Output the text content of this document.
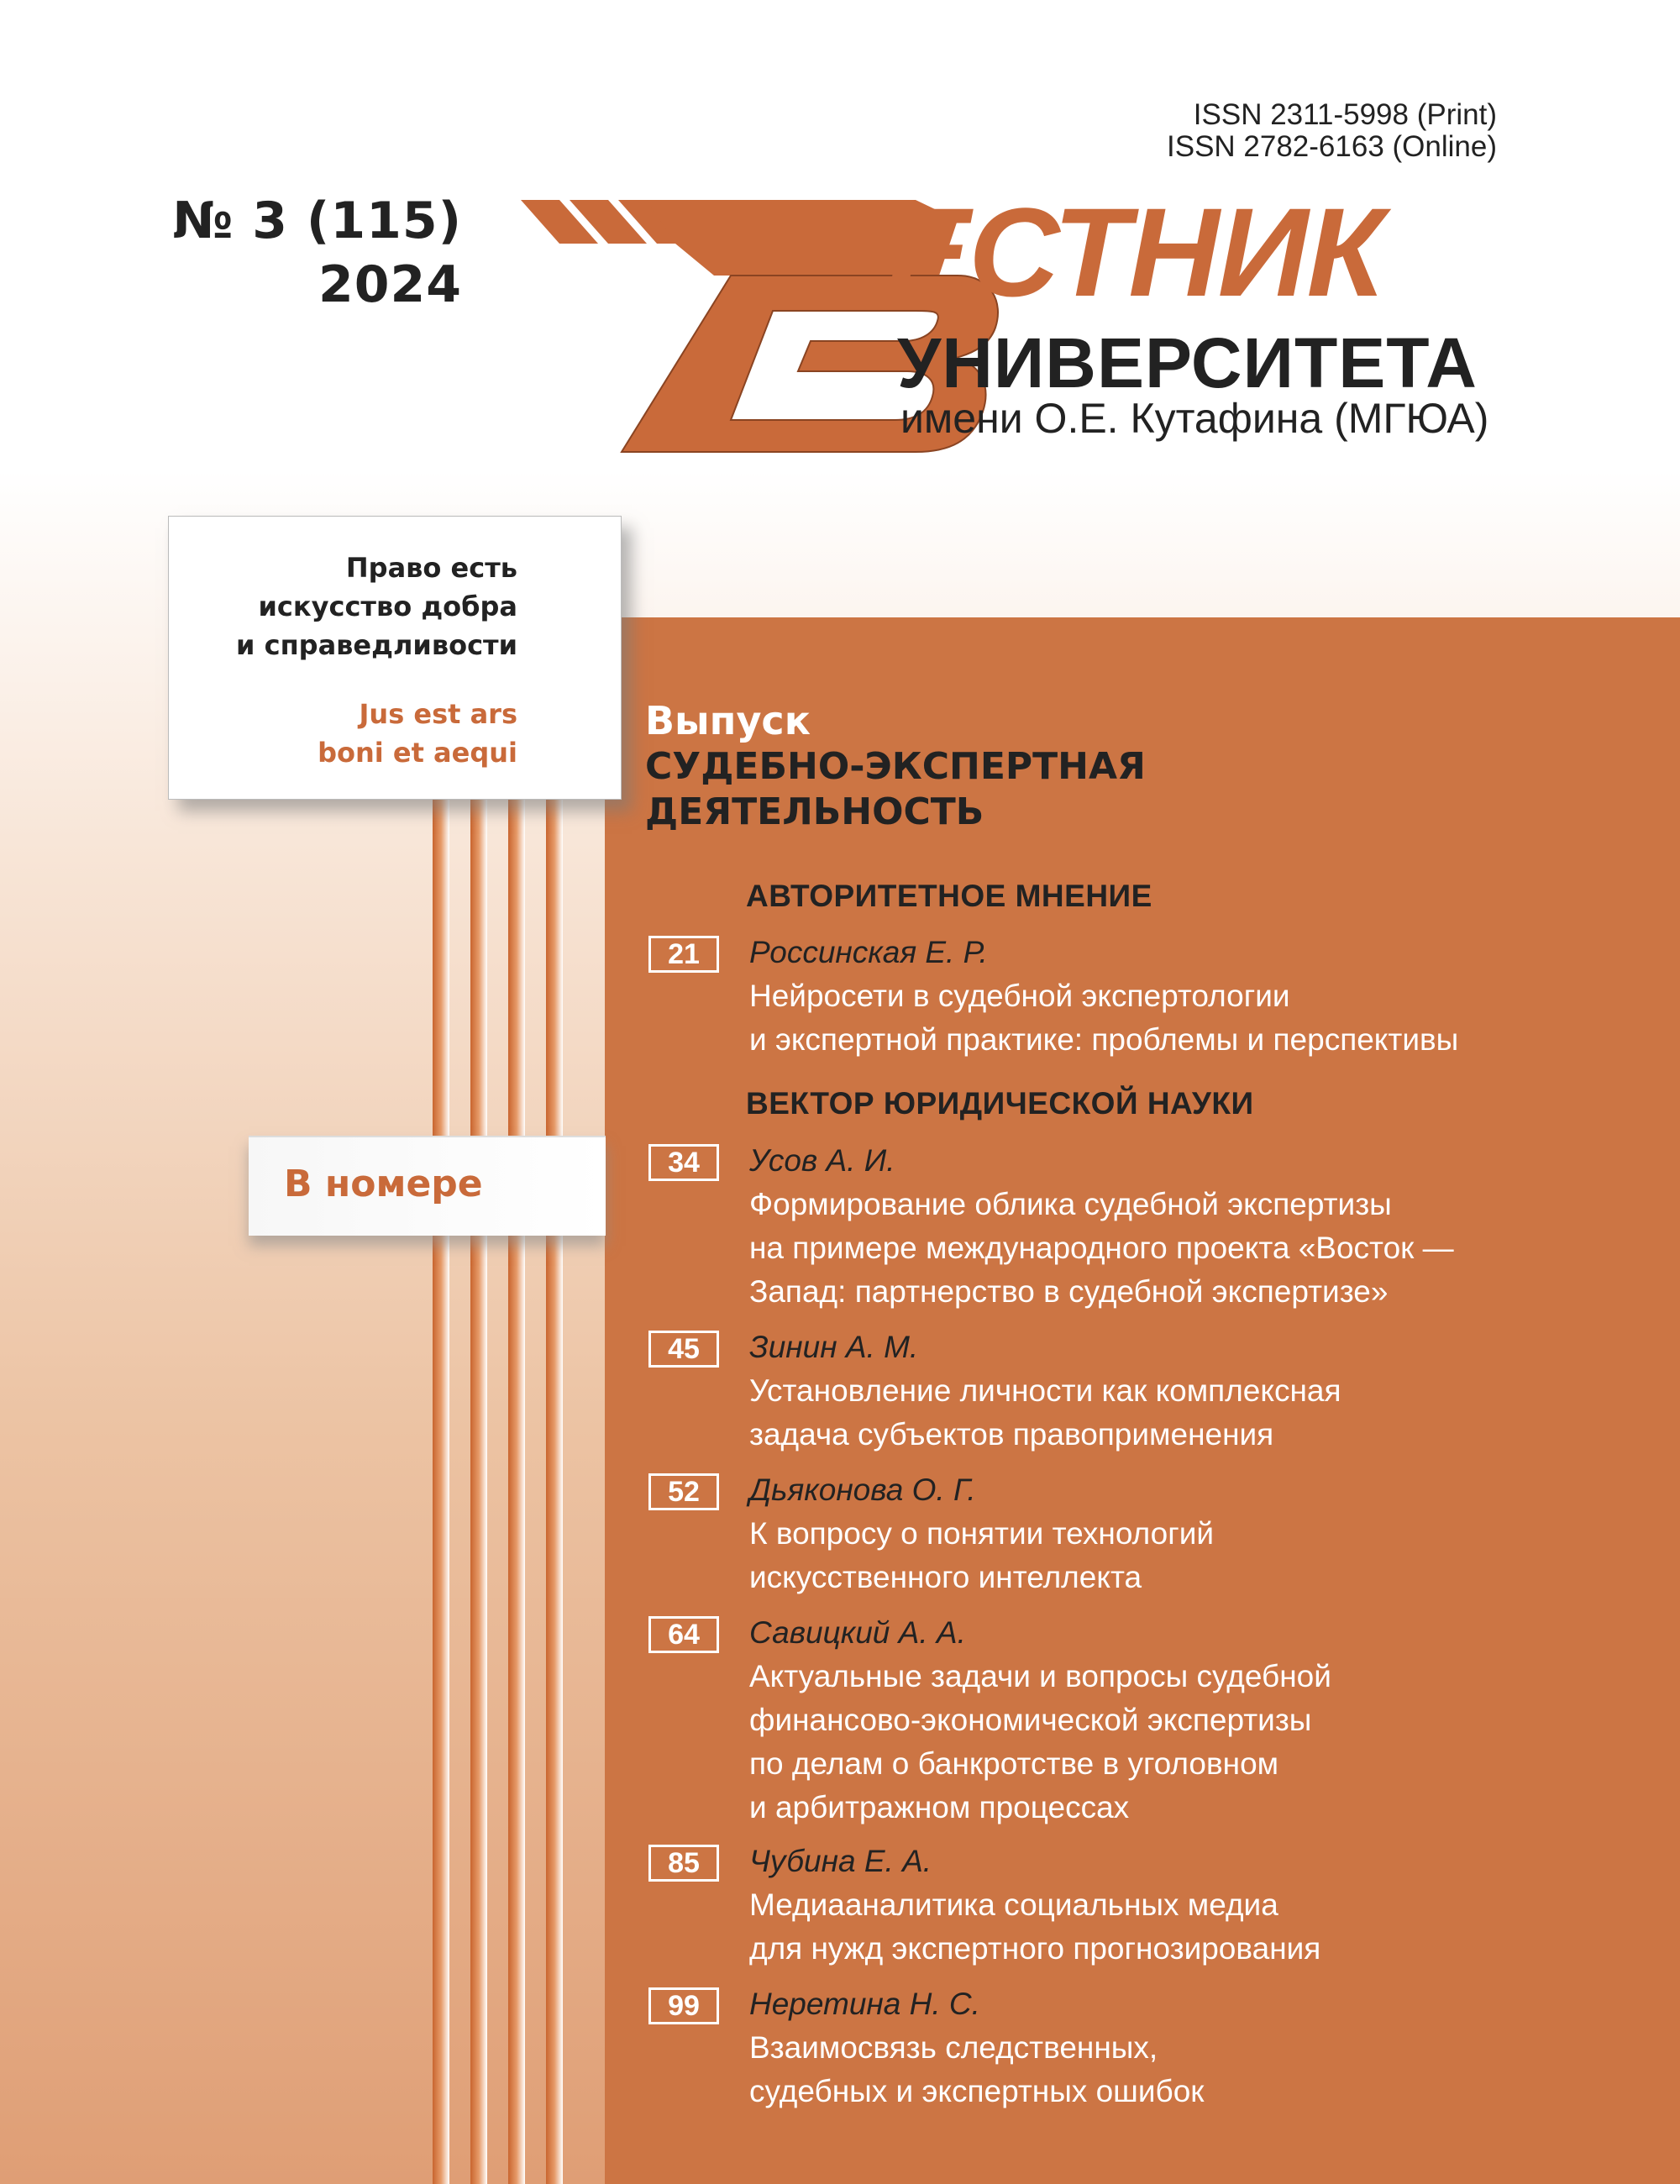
ISSN 2311-5998 (Print)
ISSN 2782-6163 (Online)
№ 3 (115)
2024	ЕСТНИК
УНИВЕРСИТЕТА
имени О.Е. Кутафина (МГЮА)
Право есть
искусство добра
и справедливости
Jus est ars
boni et aequi
В номере
Выпуск
СУДЕБНО-ЭКСПЕРТНАЯ
ДЕЯТЕЛЬНОСТЬ
АВТОРИТЕТНОЕ МНЕНИЕ
ВЕКТОР ЮРИДИЧЕСКОЙ НАУКИ
21	Россинская Е. Р.
Нейросети в судебной экспертологии
и экспертной практике: проблемы и перспективы
34	Усов А. И.
Формирование облика судебной экспертизы
на примере международного проекта «Восток —
Запад: партнерство в судебной экспертизе»
45	Зинин А. М.
Установление личности как комплексная
задача субъектов правоприменения
52	Дьяконова О. Г.
К вопросу о понятии технологий
искусственного интеллекта
64	Савицкий А. А.
Актуальные задачи и вопросы судебной
финансово-экономической экспертизы
по делам о банкротстве в уголовном
и арбитражном процессах
85	Чубина Е. А.
Медиааналитика социальных медиа
для нужд экспертного прогнозирования
99	Неретина Н. С.
Взаимосвязь следственных,
судебных и экспертных ошибок
